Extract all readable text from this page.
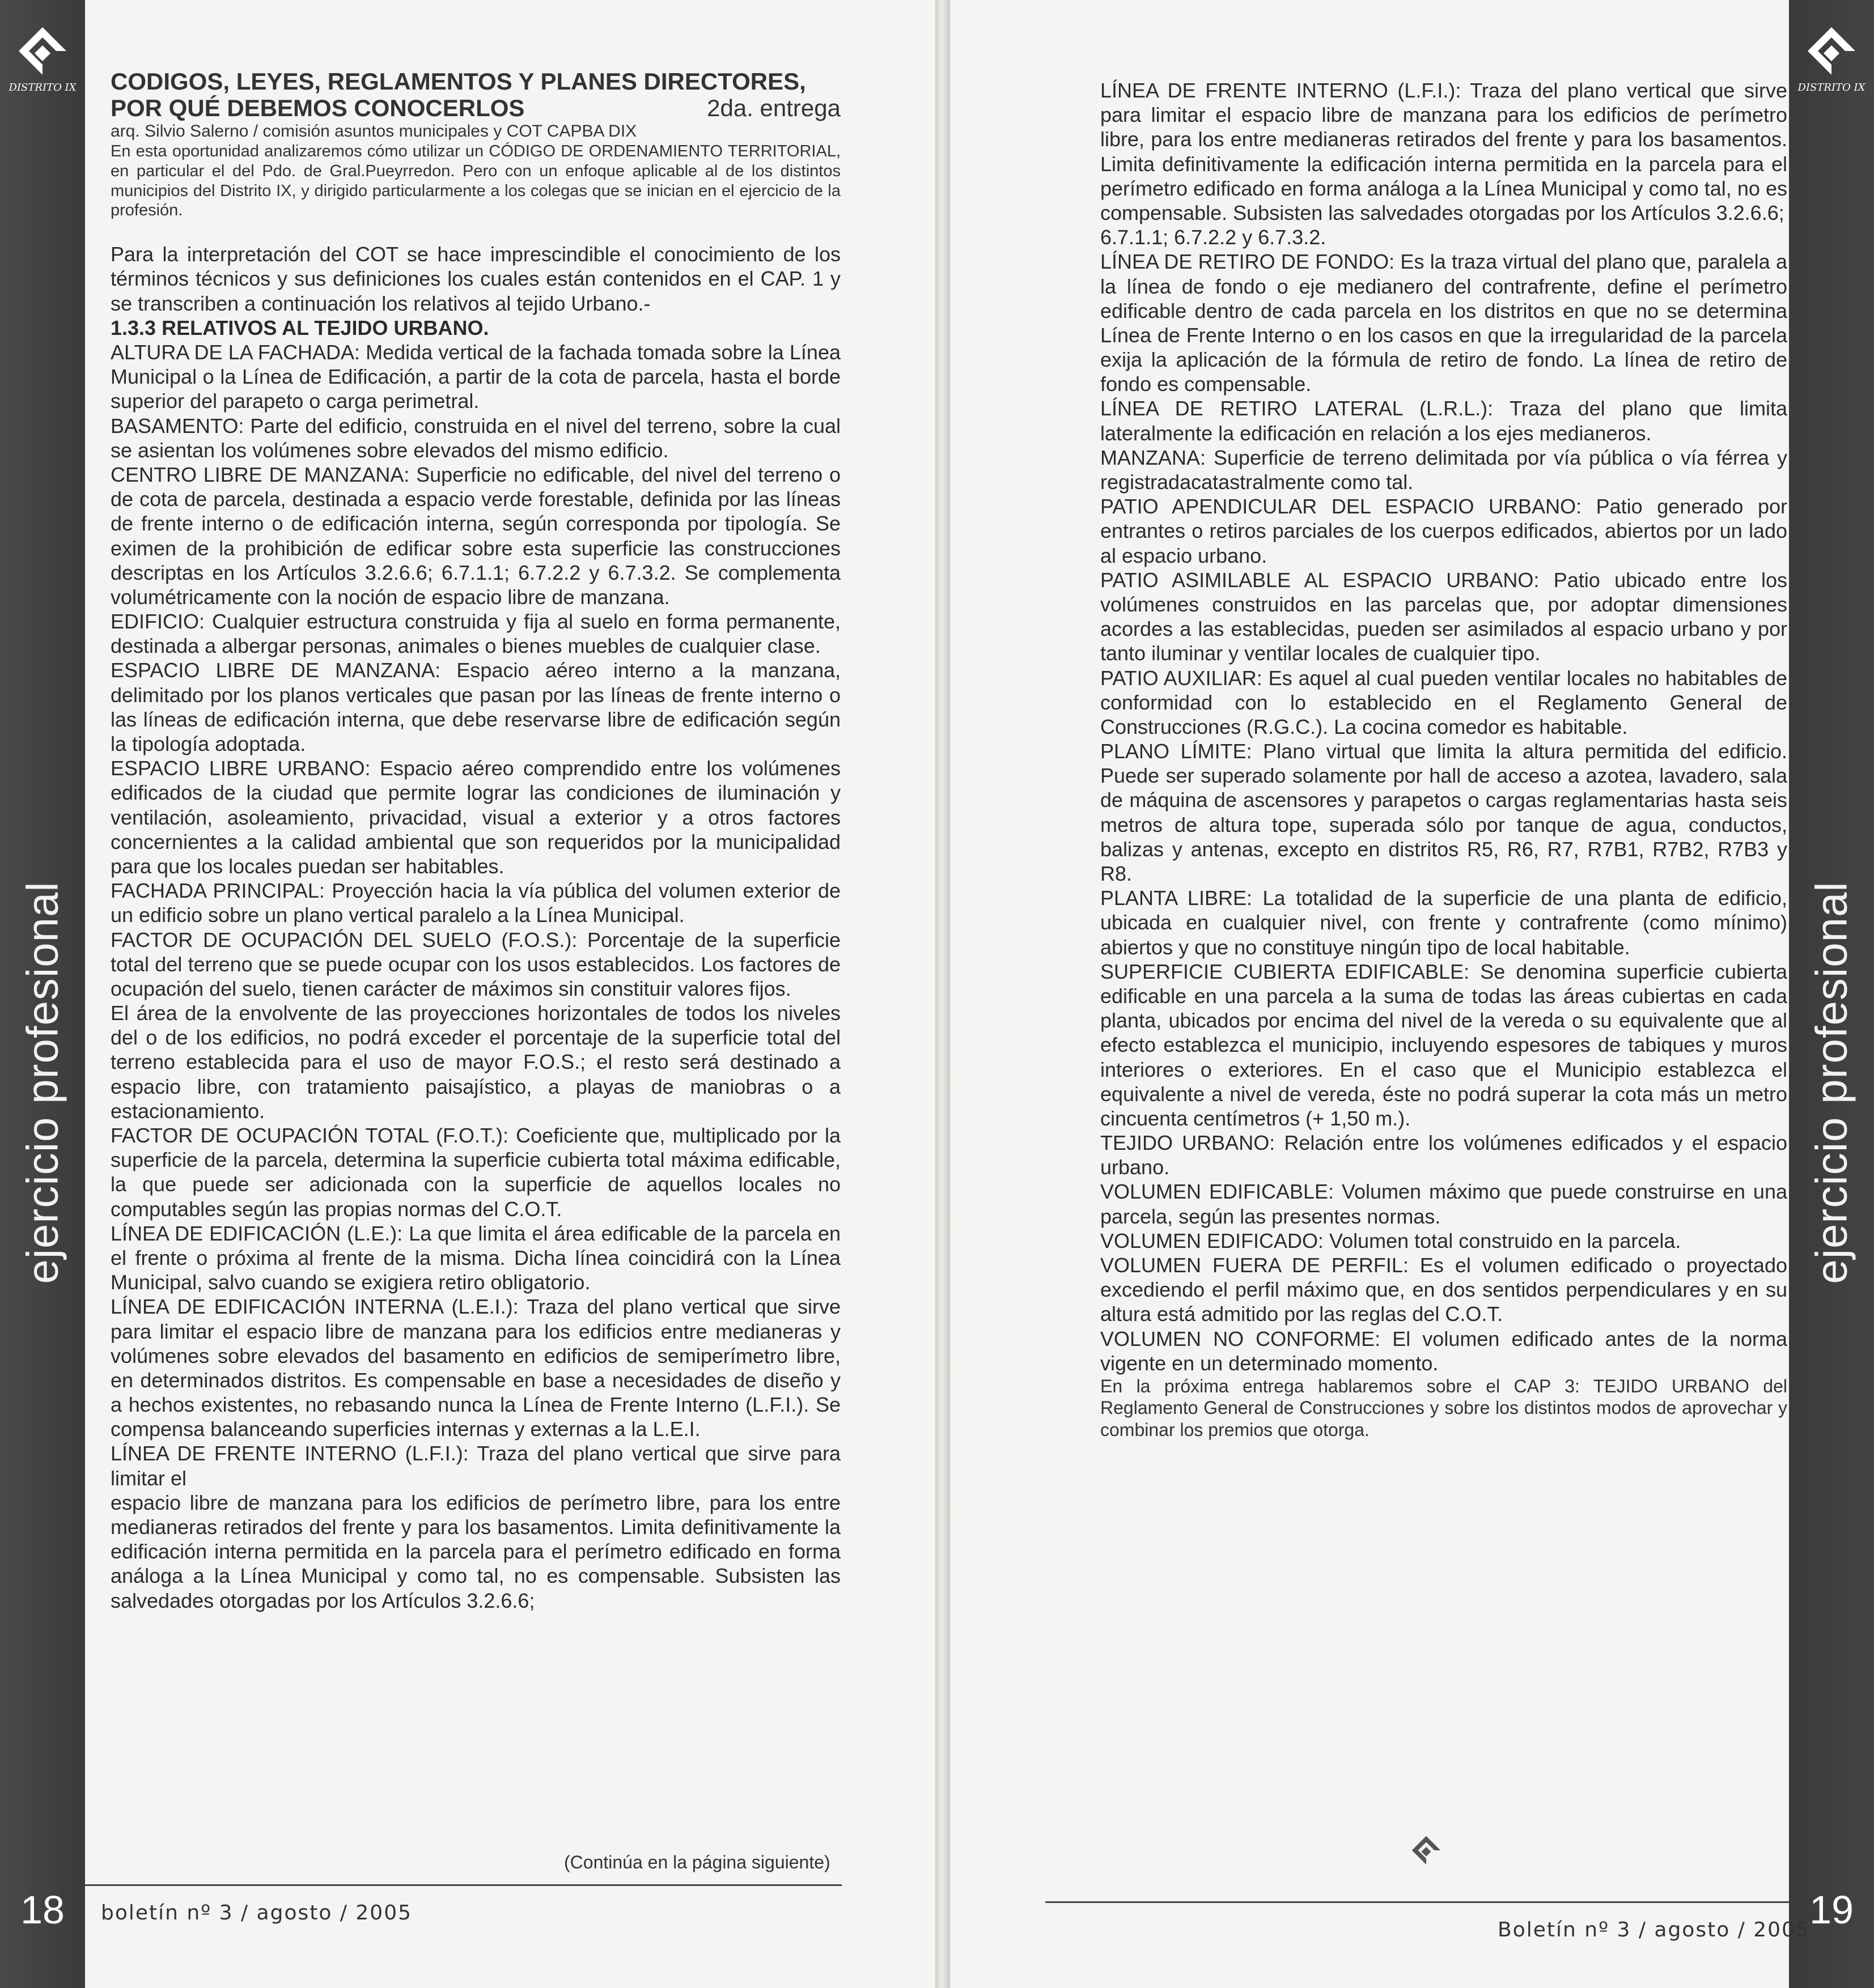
DISTRITO IX
ejercicio profesional
18	boletín nº 3 / agosto / 2005

CODIGOS, LEYES, REGLAMENTOS Y PLANES DIRECTORES,

POR QUÉ DEBEMOS CONOCERLOS	2da. entrega

arq. Silvio Salerno / comisión asuntos municipales y COT CAPBA DIX

En esta oportunidad analizaremos cómo utilizar un CÓDIGO DE ORDENAMIENTO TERRITORIAL, en particular el del Pdo. de Gral.Pueyrredon. Pero con un enfoque aplicable al de los distintos municipios del Distrito IX, y dirigido particularmente a los colegas que se inician en el ejercicio de la profesión.

Para la interpretación del COT se hace imprescindible el conocimiento de los términos técnicos y sus definiciones los cuales están contenidos en el CAP. 1 y se transcriben a continuación los relativos al tejido Urbano.-

1.3.3 RELATIVOS AL TEJIDO URBANO.

ALTURA DE LA FACHADA: Medida vertical de la fachada tomada sobre la Línea Municipal o la Línea de Edificación, a partir de la cota de parcela, hasta el borde superior del parapeto o carga perimetral.

BASAMENTO: Parte del edificio, construida en el nivel del terreno, sobre la cual se asientan los volúmenes sobre elevados del mismo edificio.

CENTRO LIBRE DE MANZANA: Superficie no edificable, del nivel del terreno o de cota de parcela, destinada a espacio verde forestable, definida por las líneas de frente interno o de edificación interna, según corresponda por tipología. Se eximen de la prohibición de edificar sobre esta superficie las construcciones descriptas en los Artículos 3.2.6.6; 6.7.1.1; 6.7.2.2 y 6.7.3.2. Se complementa volumétricamente con la noción de espacio libre de manzana.

EDIFICIO: Cualquier estructura construida y fija al suelo en forma permanente, destinada a albergar personas, animales o bienes muebles de cualquier clase.

ESPACIO LIBRE DE MANZANA: Espacio aéreo interno a la manzana, delimitado por los planos verticales que pasan por las líneas de frente interno o las líneas de edificación interna, que debe reservarse libre de edificación según la tipología adoptada.

ESPACIO LIBRE URBANO: Espacio aéreo comprendido entre los volúmenes edificados de la ciudad que permite lograr las condiciones de iluminación y ventilación, asoleamiento, privacidad, visual a exterior y a otros factores concernientes a la calidad ambiental que son requeridos por la municipalidad para que los locales puedan ser habitables.

FACHADA PRINCIPAL: Proyección hacia la vía pública del volumen exterior de un edificio sobre un plano vertical paralelo a la Línea Municipal.

FACTOR DE OCUPACIÓN DEL SUELO (F.O.S.): Porcentaje de la superficie total del terreno que se puede ocupar con los usos establecidos. Los factores de ocupación del suelo, tienen carácter de máximos sin constituir valores fijos.

El área de la envolvente de las proyecciones horizontales de todos los niveles del o de los edificios, no podrá exceder el porcentaje de la superficie total del terreno establecida para el uso de mayor F.O.S.; el resto será destinado a espacio libre, con tratamiento paisajístico, a playas de maniobras o a estacionamiento.

FACTOR DE OCUPACIÓN TOTAL (F.O.T.): Coeficiente que, multiplicado por la superficie de la parcela, determina la superficie cubierta total máxima edificable, la que puede ser adicionada con la superficie de aquellos locales no computables según las propias normas del C.O.T.

LÍNEA DE EDIFICACIÓN (L.E.): La que limita el área edificable de la parcela en el frente o próxima al frente de la misma. Dicha línea coincidirá con la Línea Municipal, salvo cuando se exigiera retiro obligatorio.

LÍNEA DE EDIFICACIÓN INTERNA (L.E.I.): Traza del plano vertical que sirve para limitar el espacio libre de manzana para los edificios entre medianeras y volúmenes sobre elevados del basamento en edificios de semiperímetro libre, en determinados distritos. Es compensable en base a necesidades de diseño y a hechos existentes, no rebasando nunca la Línea de Frente Interno (L.F.I.). Se compensa balanceando superficies internas y externas a la L.E.I.

LÍNEA DE FRENTE INTERNO (L.F.I.): Traza del plano vertical que sirve para limitar el

espacio libre de manzana para los edificios de perímetro libre, para los entre medianeras retirados del frente y para los basamentos. Limita definitivamente la edificación interna permitida en la parcela para el perímetro edificado en forma análoga a la Línea Municipal y como tal, no es compensable. Subsisten las salvedades otorgadas por los Artículos 3.2.6.6;

(Continúa en la página siguiente)
DISTRITO IX
ejercicio profesional
19
Boletín nº 3 / agosto / 2005

LÍNEA DE FRENTE INTERNO (L.F.I.): Traza del plano vertical que sirve para limitar el espacio libre de manzana para los edificios de perímetro libre, para los entre medianeras retirados del frente y para los basamentos. Limita definitivamente la edificación interna permitida en la parcela para el perímetro edificado en forma análoga a la Línea Municipal y como tal, no es compensable. Subsisten las salvedades otorgadas por los Artículos 3.2.6.6;

6.7.1.1; 6.7.2.2 y 6.7.3.2.

LÍNEA DE RETIRO DE FONDO: Es la traza virtual del plano que, paralela a la línea de fondo o eje medianero del contrafrente, define el perímetro edificable dentro de cada parcela en los distritos en que no se determina Línea de Frente Interno o en los casos en que la irregularidad de la parcela exija la aplicación de la fórmula de retiro de fondo. La línea de retiro de fondo es compensable.

LÍNEA DE RETIRO LATERAL (L.R.L.): Traza del plano que limita lateralmente la edificación en relación a los ejes medianeros.

MANZANA: Superficie de terreno delimitada por vía pública o vía férrea y registradacatastralmente como tal.

PATIO APENDICULAR DEL ESPACIO URBANO: Patio generado por entrantes o retiros parciales de los cuerpos edificados, abiertos por un lado al espacio urbano.

PATIO ASIMILABLE AL ESPACIO URBANO: Patio ubicado entre los volúmenes construidos en las parcelas que, por adoptar dimensiones acordes a las establecidas, pueden ser asimilados al espacio urbano y por tanto iluminar y ventilar locales de cualquier tipo.

PATIO AUXILIAR: Es aquel al cual pueden ventilar locales no habitables de conformidad con lo establecido en el Reglamento General de Construcciones (R.G.C.). La cocina comedor es habitable.

PLANO LÍMITE: Plano virtual que limita la altura permitida del edificio. Puede ser superado solamente por hall de acceso a azotea, lavadero, sala de máquina de ascensores y parapetos o cargas reglamentarias hasta seis metros de altura tope, superada sólo por tanque de agua, conductos, balizas y antenas, excepto en distritos R5, R6, R7, R7B1, R7B2, R7B3 y R8.

PLANTA LIBRE: La totalidad de la superficie de una planta de edificio, ubicada en cualquier nivel, con frente y contrafrente (como mínimo) abiertos y que no constituye ningún tipo de local habitable.

SUPERFICIE CUBIERTA EDIFICABLE: Se denomina superficie cubierta edificable en una parcela a la suma de todas las áreas cubiertas en cada planta, ubicados por encima del nivel de la vereda o su equivalente que al efecto establezca el municipio, incluyendo espesores de tabiques y muros interiores o exteriores. En el caso que el Municipio establezca el equivalente a nivel de vereda, éste no podrá superar la cota más un metro cincuenta centímetros (+ 1,50 m.).

TEJIDO URBANO: Relación entre los volúmenes edificados y el espacio urbano.

VOLUMEN EDIFICABLE: Volumen máximo que puede construirse en una parcela, según las presentes normas.

VOLUMEN EDIFICADO: Volumen total construido en la parcela.

VOLUMEN FUERA DE PERFIL: Es el volumen edificado o proyectado excediendo el perfil máximo que, en dos sentidos perpendiculares y en su altura está admitido por las reglas del C.O.T.

VOLUMEN NO CONFORME: El volumen edificado antes de la norma vigente en un determinado momento.

En la próxima entrega hablaremos sobre el CAP 3: TEJIDO URBANO del Reglamento General de Construcciones y sobre los distintos modos de aprovechar y combinar los premios que otorga.
